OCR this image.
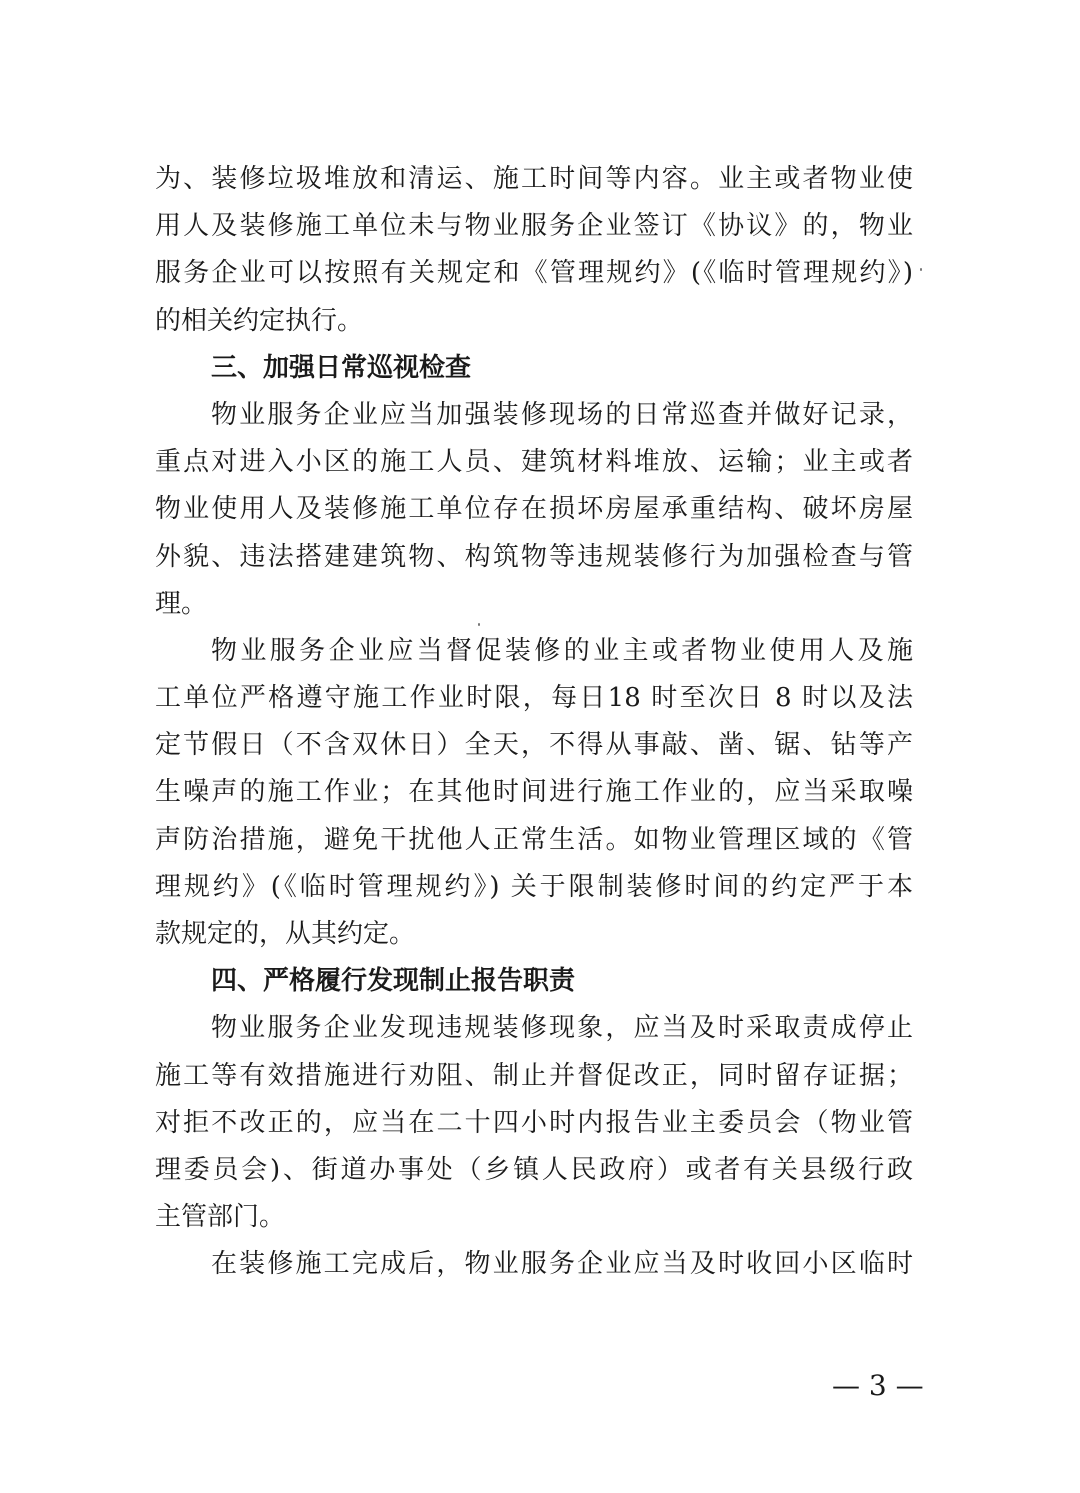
为、装修垃圾堆放和清运、施工时间等内容。业主或者物业使
用人及装修施工单位未与物业服务企业签订《协议》的，物业
服务企业可以按照有关规定和《管理规约》(《临时管理规约》)
的相关约定执行。
三、加强日常巡视检查
物业服务企业应当加强装修现场的日常巡查并做好记录，
重点对进入小区的施工人员、建筑材料堆放、运输；业主或者
物业使用人及装修施工单位存在损坏房屋承重结构、破坏房屋
外貌、违法搭建建筑物、构筑物等违规装修行为加强检查与管
理。
物业服务企业应当督促装修的业主或者物业使用人及施
工单位严格遵守施工作业时限，每日18 时至次日 8 时以及法
定节假日（不含双休日）全天，不得从事敲、凿、锯、钻等产
生噪声的施工作业；在其他时间进行施工作业的，应当采取噪
声防治措施，避免干扰他人正常生活。如物业管理区域的《管
理规约》(《临时管理规约》) 关于限制装修时间的约定严于本
款规定的，从其约定。
四、严格履行发现制止报告职责
物业服务企业发现违规装修现象，应当及时采取责成停止
施工等有效措施进行劝阻、制止并督促改正，同时留存证据；
对拒不改正的，应当在二十四小时内报告业主委员会（物业管
理委员会)、街道办事处（乡镇人民政府）或者有关县级行政
主管部门。
在装修施工完成后，物业服务企业应当及时收回小区临时
— 3 —
